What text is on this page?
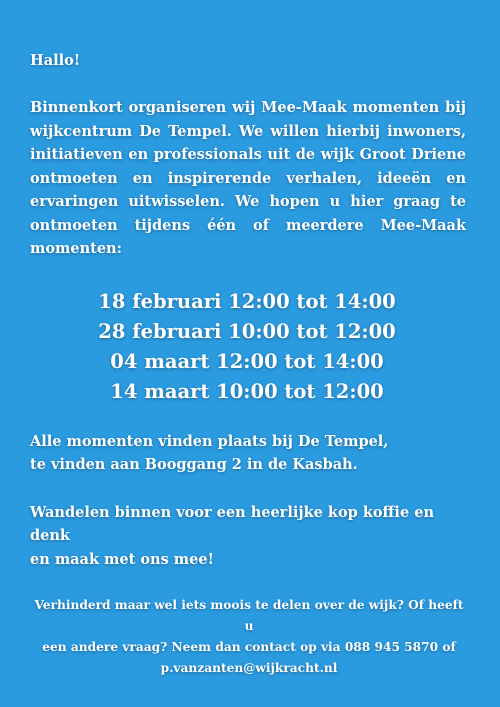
Hallo!

Binnenkort organiseren wij Mee-Maak momenten bij wijkcentrum De Tempel. We willen hierbij inwoners, initiatieven en professionals uit de wijk Groot Driene ontmoeten en inspirerende verhalen, ideeën en ervaringen uitwisselen. We hopen u hier graag te ontmoeten tijdens één of meerdere Mee-Maak momenten:

18 februari 12:00 tot 14:00
28 februari 10:00 tot 12:00
04 maart 12:00 tot 14:00
14 maart 10:00 tot 12:00

Alle momenten vinden plaats bij De Tempel,
te vinden aan Booggang 2 in de Kasbah.

Wandelen binnen voor een heerlijke kop koffie en denk
en maak met ons mee!

Verhinderd maar wel iets moois te delen over de wijk? Of heeft u
een andere vraag? Neem dan contact op via 088 945 5870 of
p.vanzanten@wijkracht.nl
